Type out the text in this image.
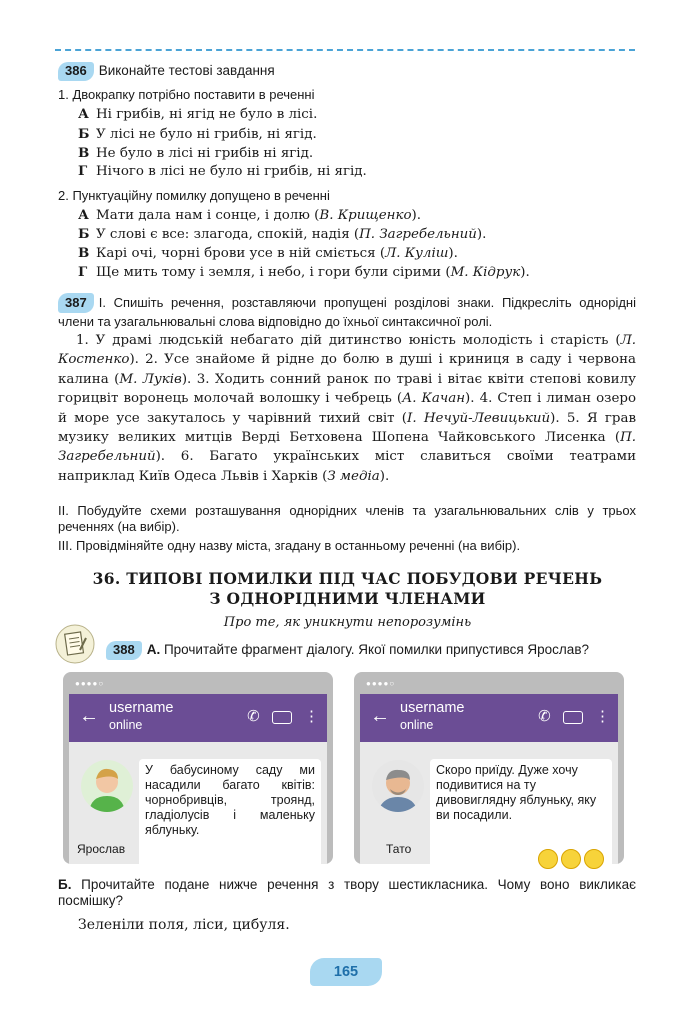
386 Виконайте тестові завдання
1. Двокрапку потрібно поставити в реченні
А Ні грибів, ні ягід не було в лісі.
Б У лісі не було ні грибів, ні ягід.
В Не було в лісі ні грибів ні ягід.
Г Нічого в лісі не було ні грибів, ні ягід.
2. Пунктуаційну помилку допущено в реченні
А Мати дала нам і сонце, і долю (В. Крищенко).
Б У слові є все: злагода, спокій, надія (П. Загребельний).
В Карі очі, чорні брови усе в ній сміється (Л. Куліш).
Г Ще мить тому і земля, і небо, і гори були сірими (М. Кідрук).
387 І. Спишіть речення, розставляючи пропущені розділові знаки. Підкресліть однорідні члени та узагальнювальні слова відповідно до їхньої синтаксичної ролі.
1. У драмі людській небагато дій дитинство юність молодість і старість (Л. Костенко). 2. Усе знайоме й рідне до болю в душі і криниця в саду і червона калина (М. Луків). 3. Ходить сонний ранок по траві і вітає квіти степові ковилу горицвіт воронець молочай волошку і чебрець (А. Качан). 4. Степ і лиман озеро й море усе закуталось у чарівний тихий світ (І. Нечуй-Левицький). 5. Я грав музику великих митців Верді Бетховена Шопена Чайковського Лисенка (П. Загребельний). 6. Багато українських міст славиться своїми театрами наприклад Київ Одеса Львів і Харків (З медіа).
ІІ. Побудуйте схеми розташування однорідних членів та узагальнювальних слів у трьох реченнях (на вибір).
ІІІ. Провідміняйте одну назву міста, згадану в останньому реченні (на вибір).
36. ТИПОВІ ПОМИЛКИ ПІД ЧАС ПОБУДОВИ РЕЧЕНЬ
З ОДНОРІДНИМИ ЧЛЕНАМИ
Про те, як уникнути непорозумінь
388 А. Прочитайте фрагмент діалогу. Якої помилки припустився Ярослав?
●●●●○
← username
online	✆	⋮
Ярослав
У бабусиному саду ми насадили багато квітів: чорнобривців, троянд, гладіолусів і маленьку яблуньку.
●●●●○
← username
online	✆	⋮
Тато
Скоро приїду. Дуже хочу подивитися на ту дивовиглядну яблуньку, яку ви посадили.
Б. Прочитайте подане нижче речення з твору шестикласника. Чому воно викликає посмішку?
Зеленіли поля, ліси, цибуля.
165
